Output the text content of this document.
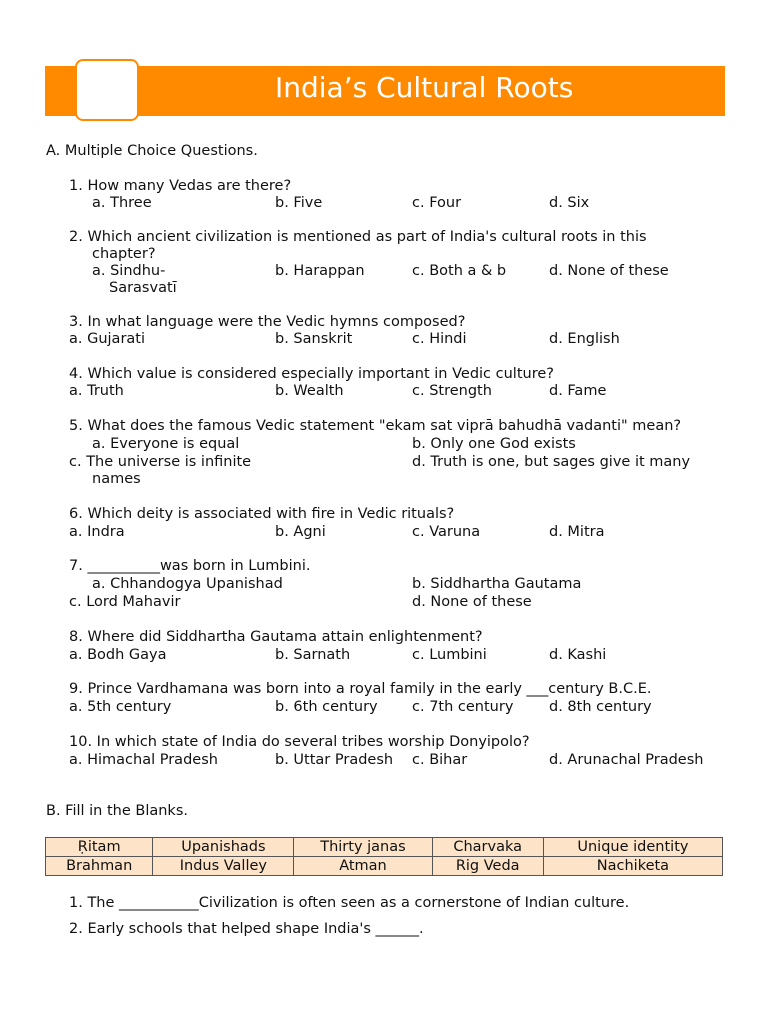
India’s Cultural Roots
A. Multiple Choice Questions.
1. How many Vedas are there?
a. Three	b. Five	c. Four	d. Six
2. Which ancient civilization is mentioned as part of India's cultural roots in this
chapter?
a. Sindhu-
Sarasvatī
b. Harappan	c. Both a & b	d. None of these
3. In what language were the Vedic hymns composed?
a. Gujarati	b. Sanskrit	c. Hindi	d. English
4. Which value is considered especially important in Vedic culture?
a. Truth	b. Wealth	c. Strength	d. Fame
5. What does the famous Vedic statement "ekam sat viprā bahudhā vadanti" mean?
a. Everyone is equal	b. Only one God exists
c. The universe is infinite	d. Truth is one, but sages give it many
names
6. Which deity is associated with fire in Vedic rituals?
a. Indra	b. Agni	c. Varuna	d. Mitra
7. __________was born in Lumbini.
a. Chhandogya Upanishad	b. Siddhartha Gautama
c. Lord Mahavir	d. None of these
8. Where did Siddhartha Gautama attain enlightenment?
a. Bodh Gaya	b. Sarnath	c. Lumbini	d. Kashi
9. Prince Vardhamana was born into a royal family in the early ___century B.C.E.
a. 5th century	b. 6th century c. 7th century d. 8th century
10. In which state of India do several tribes worship Donyipolo?
a. Himachal Pradesh	b. Uttar Pradesh c. Bihar	d. Arunachal Pradesh
B. Fill in the Blanks.
Ṛitam	Upanishads	Thirty janas	Charvaka	Unique identity
Brahman	Indus Valley	Atman	Rig Veda	Nachiketa
1. The ___________Civilization is often seen as a cornerstone of Indian culture.
2. Early schools that helped shape India's ______.
